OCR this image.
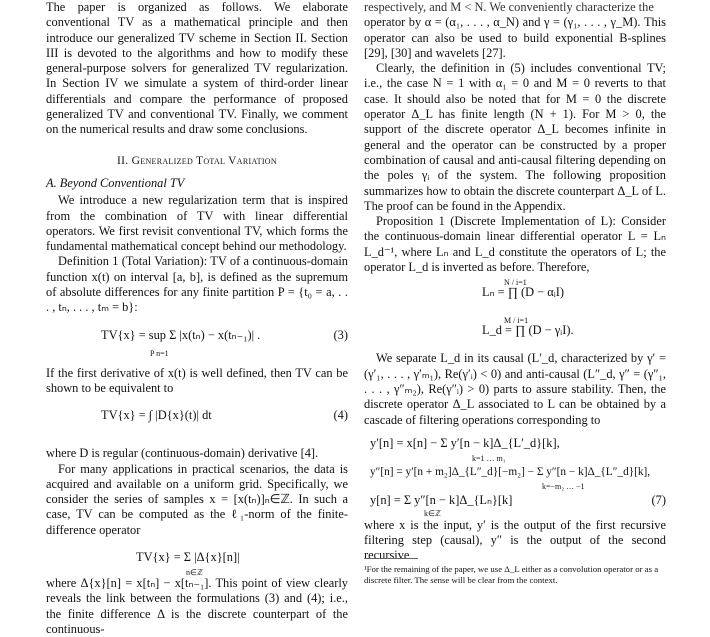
The paper is organized as follows. We elaborate conventional TV as a mathematical principle and then introduce our generalized TV scheme in Section II. Section III is devoted to the algorithms and how to modify these general-purpose solvers for generalized TV regularization. In Section IV we simulate a system of third-order linear differentials and compare the performance of proposed generalized TV and conventional TV. Finally, we comment on the numerical results and draw some conclusions.

II. Generalized Total Variation
A. Beyond Conventional TV

We introduce a new regularization term that is inspired from the combination of TV with linear differential operators. We first revisit conventional TV, which forms the fundamental mathematical concept behind our methodology.

Definition 1 (Total Variation): TV of a continuous-domain function x(t) on interval [a, b], is defined as the supremum of absolute differences for any finite partition P = {t₀ = a, . . . , tₙ, . . . , tₘ = b}:

TV{x} = sup Σ |x(tₙ) − x(tₙ₋₁)| .	(3)
P n=1

If the first derivative of x(t) is well defined, then TV can be shown to be equivalent to

TV{x} = ∫ |D{x}(t)| dt	(4)

where D is regular (continuous-domain) derivative [4].

For many applications in practical scenarios, the data is acquired and available on a uniform grid. Specifically, we consider the series of samples x = [x(tₙ)]ₙ∈ℤ. In such a case, TV can be computed as the ℓ₁-norm of the finite-difference operator

TV{x} = Σ |Δ{x}[n]|
n∈ℤ

where Δ{x}[n] = x[tₙ] − x[tₙ₋₁]. This point of view clearly reveals the link between the formulations (3) and (4); i.e., the finite difference Δ is the discrete counterpart of the continuous-

respectively, and M < N. We conveniently characterize the

operator by α = (α₁, . . . , α_N) and γ = (γ₁, . . . , γ_M). This operator can also be used to build exponential B-splines [29], [30] and wavelets [27].

Clearly, the definition in (5) includes conventional TV; i.e., the case N = 1 with α₁ = 0 and M = 0 reverts to that case. It should also be noted that for M = 0 the discrete operator Δ_L has finite length (N + 1). For M > 0, the support of the discrete operator Δ_L becomes infinite in general and the operator can be constructed by a proper combination of causal and anti-causal filtering depending on the poles γᵢ of the system. The following proposition summarizes how to obtain the discrete counterpart Δ_L of L. The proof can be found in the Appendix.

Proposition 1 (Discrete Implementation of L): Consider the continuous-domain linear differential operator L = Lₙ L_d⁻¹, where Lₙ and L_d constitute the operators of L; the operator L_d is inverted as before. Therefore,

Lₙ = ∏ (D − αᵢI)
N / i=1
L_d = ∏ (D − γᵢI).
M / i=1

We separate L_d in its causal (L′_d, characterized by γ′ = (γ′₁, . . . , γ′ₘ₁), Re(γ′ᵢ) < 0) and anti-causal (L″_d, γ″ = (γ″₁, . . . , γ″ₘ₂), Re(γ″ᵢ) > 0) parts to assure stability. Then, the discrete operator Δ_L associated to L can be obtained by a cascade of filtering operations corresponding to

y′[n] = x[n] − Σ y′[n − k]Δ_{L′_d}[k],
k=1 … m₁
y″[n] = y′[n + m₂]Δ_{L″_d}[−m₂] − Σ y″[n − k]Δ_{L″_d}[k],
k=−m₂ … −1
y[n] = Σ y″[n − k]Δ_{Lₙ}[k]
k∈ℤ
(7)

where x is the input, y′ is the output of the first recursive filtering step (causal), y″ is the output of the second recursive

¹For the remaining of the paper, we use Δ_L either as a convolution operator or as a discrete filter. The sense will be clear from the context.
